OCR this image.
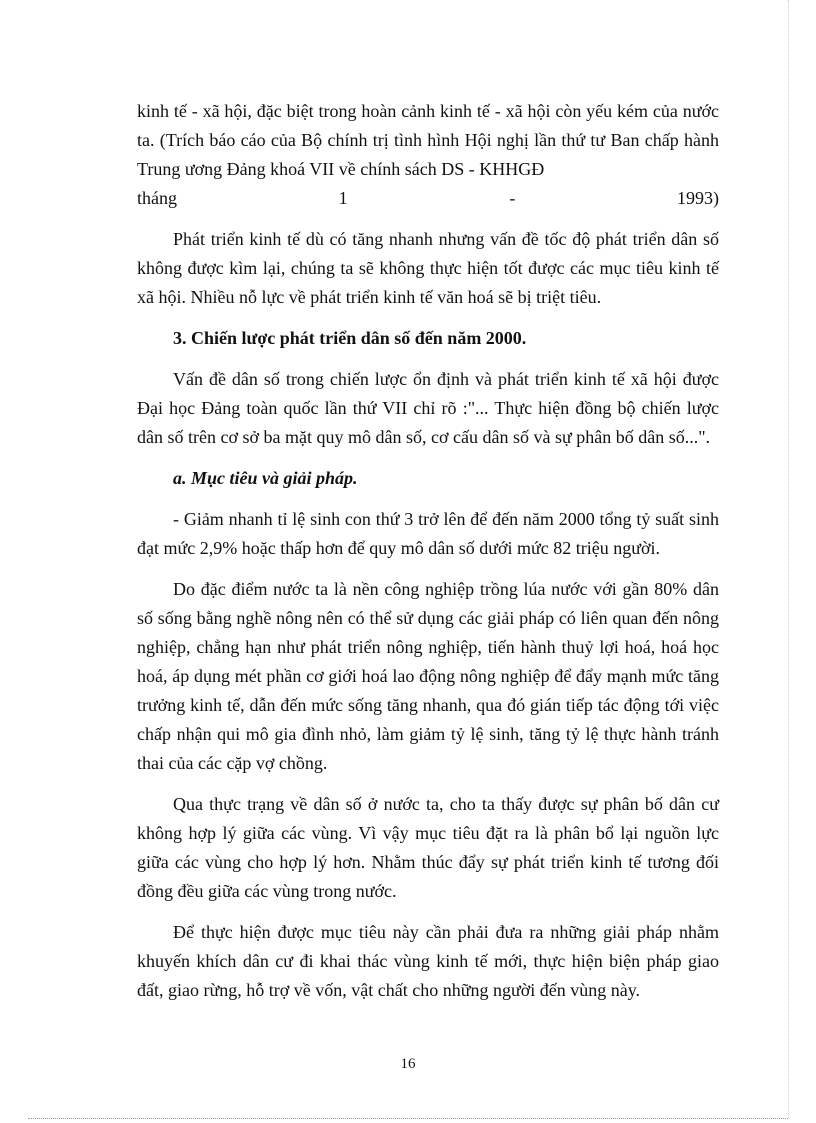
kinh tế - xã hội, đặc biệt trong hoàn cảnh kinh tế - xã hội còn yếu kém của nước ta. (Trích báo cáo của Bộ chính trị tình hình Hội nghị lần thứ tư Ban chấp hành Trung ương Đảng khoá VII về chính sách DS - KHHGĐ

tháng	1	-	1993)

Phát triển kinh tế dù có tăng nhanh nhưng vấn đề tốc độ phát triển dân số không được kìm lại, chúng ta sẽ không thực hiện tốt được các mục tiêu kinh tế xã hội. Nhiều nỗ lực về phát triển kinh tế văn hoá sẽ bị triệt tiêu.

3. Chiến lược phát triển dân số đến năm 2000.

Vấn đề dân số trong chiến lược ổn định và phát triển kinh tế xã hội được Đại học Đảng toàn quốc lần thứ VII chỉ rõ :"... Thực hiện đồng bộ chiến lược dân số trên cơ sở ba mặt quy mô dân số, cơ cấu dân số và sự phân bố dân số...".

a. Mục tiêu và giải pháp.

- Giảm nhanh tỉ lệ sinh con thứ 3 trở lên để đến năm 2000 tổng tỷ suất sinh đạt mức 2,9% hoặc thấp hơn để quy mô dân số dưới mức 82 triệu người.

Do đặc điểm nước ta là nền công nghiệp trồng lúa nước với gần 80% dân số sống bằng nghề nông nên có thể sử dụng các giải pháp có liên quan đến nông nghiệp, chẳng hạn như phát triển nông nghiệp, tiến hành thuỷ lợi hoá, hoá học hoá, áp dụng mét phần cơ giới hoá lao động nông nghiệp để đẩy mạnh mức tăng trưởng kinh tế, dẫn đến mức sống tăng nhanh, qua đó gián tiếp tác động tới việc chấp nhận qui mô gia đình nhỏ, làm giảm tỷ lệ sinh, tăng tỷ lệ thực hành tránh thai của các cặp vợ chồng.

Qua thực trạng về dân số ở nước ta, cho ta thấy được sự phân bố dân cư không hợp lý giữa các vùng. Vì vậy mục tiêu đặt ra là phân bổ lại nguồn lực giữa các vùng cho hợp lý hơn. Nhằm thúc đẩy sự phát triển kinh tế tương đối đồng đều giữa các vùng trong nước.

Để thực hiện được mục tiêu này cần phải đưa ra những giải pháp nhằm khuyến khích dân cư đi khai thác vùng kinh tế mới, thực hiện biện pháp giao đất, giao rừng, hỗ trợ về vốn, vật chất cho những người đến vùng này.

16
